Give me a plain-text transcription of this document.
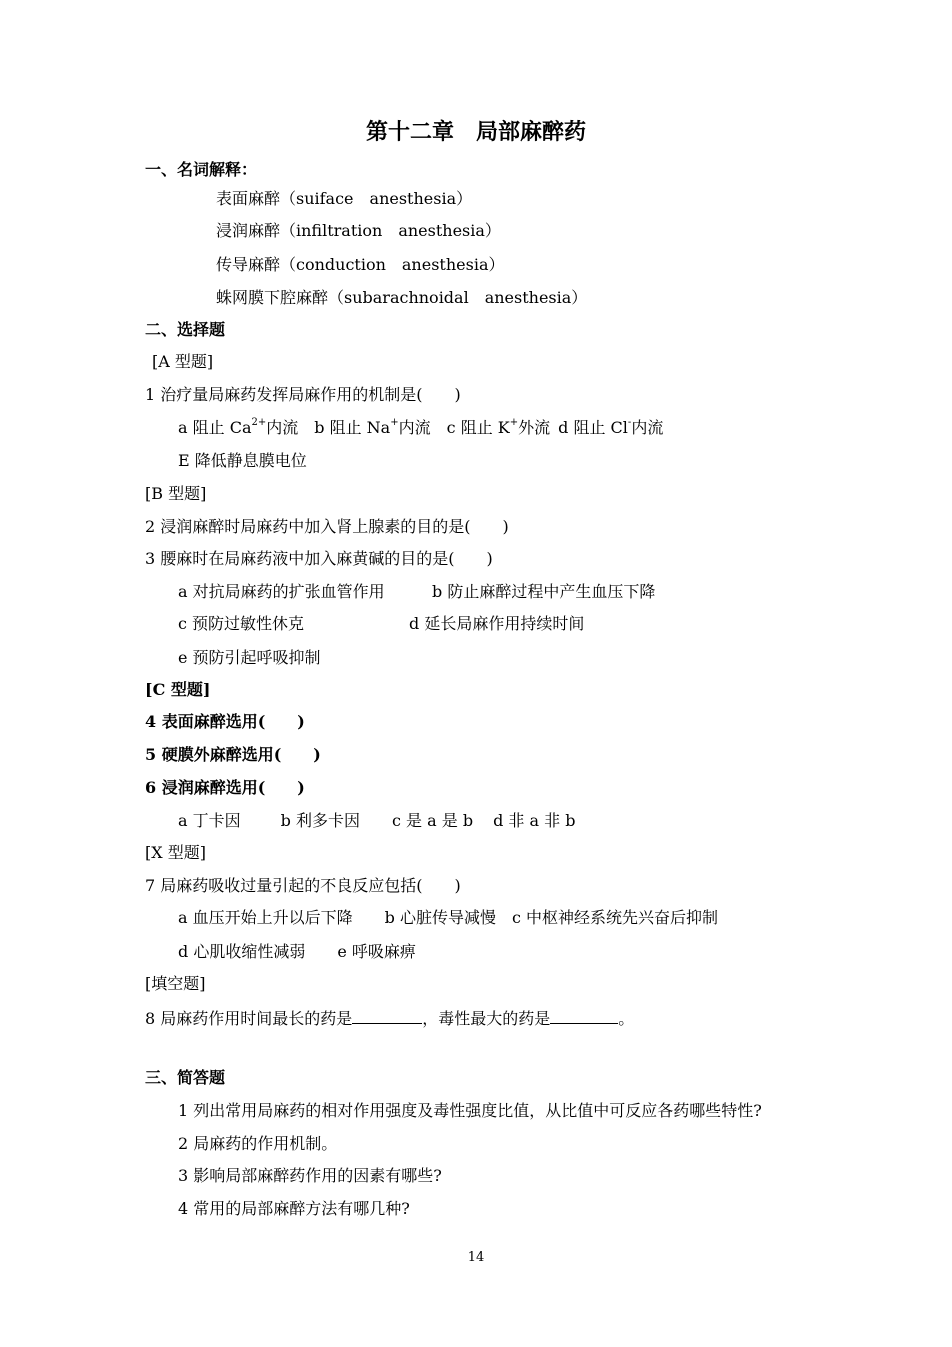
第十二章　局部麻醉药
一、名词解释：
表面麻醉（suiface　anesthesia）
浸润麻醉（infiltration　anesthesia）
传导麻醉（conduction　anesthesia）
蛛网膜下腔麻醉（subarachnoidal　anesthesia）
二、选择题
[A 型题]
1 治疗量局麻药发挥局麻作用的机制是(　　)
a 阻止 $Ca^{2+}$内流 b 阻止 Na+内流 c 阻止 K+外流 d 阻止 Cl-内流
E 降低静息膜电位
[B 型题]
2 浸润麻醉时局麻药中加入肾上腺素的目的是(　　)
3 腰麻时在局麻药液中加入麻黄碱的目的是(　　)
a 对抗局麻药的扩张血管作用	b 防止麻醉过程中产生血压下降
c 预防过敏性休克	d 延长局麻作用持续时间
e 预防引起呼吸抑制
[C 型题]
4 表面麻醉选用(　　)
5 硬膜外麻醉选用(　　)
6 浸润麻醉选用(　　)
a 丁卡因	b 利多卡因 c 是 a 是 b d 非 a 非 b
[X 型题]
7 局麻药吸收过量引起的不良反应包括(　　)
a 血压开始上升以后下降 b 心脏传导减慢 c 中枢神经系统先兴奋后抑制
d 心肌收缩性减弱 e 呼吸麻痹
[填空题]
8 局麻药作用时间最长的药是	，毒性最大的药是	。
三、简答题
1 列出常用局麻药的相对作用强度及毒性强度比值，从比值中可反应各药哪些特性?
2 局麻药的作用机制。
3 影响局部麻醉药作用的因素有哪些?
4 常用的局部麻醉方法有哪几种?
14
